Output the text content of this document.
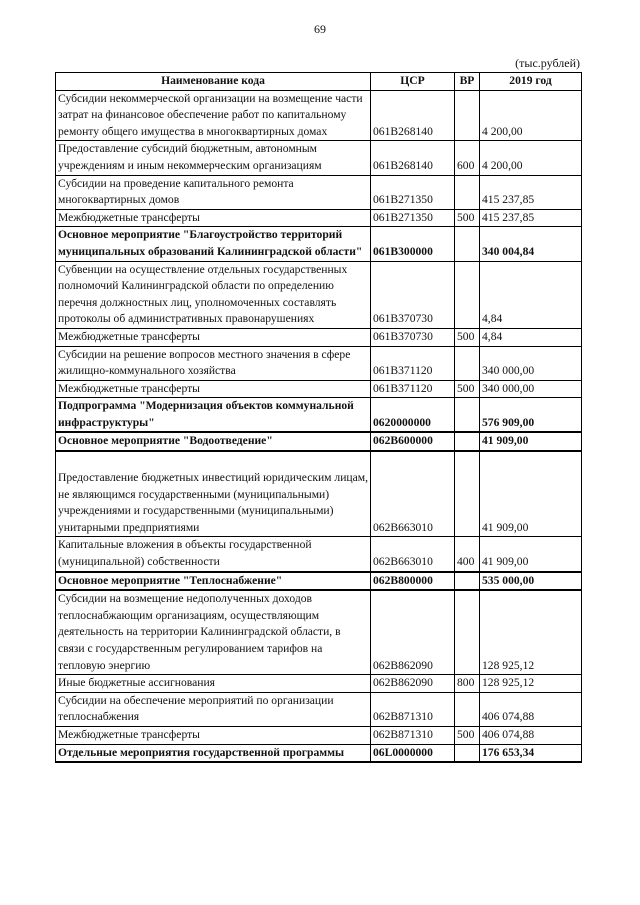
69
(тыс.рублей)
Наименование кода	ЦСР	ВР	2019 год
Субсидии некоммерческой организации на возмещение части затрат на финансовое обеспечение работ по капитальному ремонту общего имущества в многоквартирных домах	061B268140		4 200,00
Предоставление субсидий бюджетным, автономным учреждениям и иным некоммерческим организациям	061B268140	600	4 200,00
Субсидии на проведение капитального ремонта многоквартирных домов	061B271350		415 237,85
Межбюджетные трансферты	061B271350	500	415 237,85
Основное мероприятие "Благоустройство территорий муниципальных образований Калининградской области"	061B300000		340 004,84
Субвенции на осуществление отдельных государственных полномочий Калининградской области по определению перечня должностных лиц, уполномоченных составлять протоколы об административных правонарушениях	061B370730		4,84
Межбюджетные трансферты	061B370730	500	4,84
Субсидии на решение вопросов местного значения в сфере жилищно-коммунального хозяйства	061B371120		340 000,00
Межбюджетные трансферты	061B371120	500	340 000,00
Подпрограмма "Модернизация объектов коммунальной инфраструктуры"	0620000000		576 909,00
Основное мероприятие "Водоотведение"	062B600000		41 909,00
Предоставление бюджетных инвестиций юридическим лицам, не являющимся государственными (муниципальными) учреждениями и государственными (муниципальными) унитарными предприятиями	062B663010		41 909,00
Капитальные вложения в объекты государственной (муниципальной) собственности	062B663010	400	41 909,00
Основное мероприятие "Теплоснабжение"	062B800000		535 000,00
Субсидии на возмещение недополученных доходов теплоснабжающим организациям, осуществляющим деятельность на территории Калининградской области, в связи с государственным регулированием тарифов на тепловую энергию	062B862090		128 925,12
Иные бюджетные ассигнования	062B862090	800	128 925,12
Субсидии на обеспечение мероприятий по организации теплоснабжения	062B871310		406 074,88
Межбюджетные трансферты	062B871310	500	406 074,88
Отдельные мероприятия государственной программы	06L0000000		176 653,34
